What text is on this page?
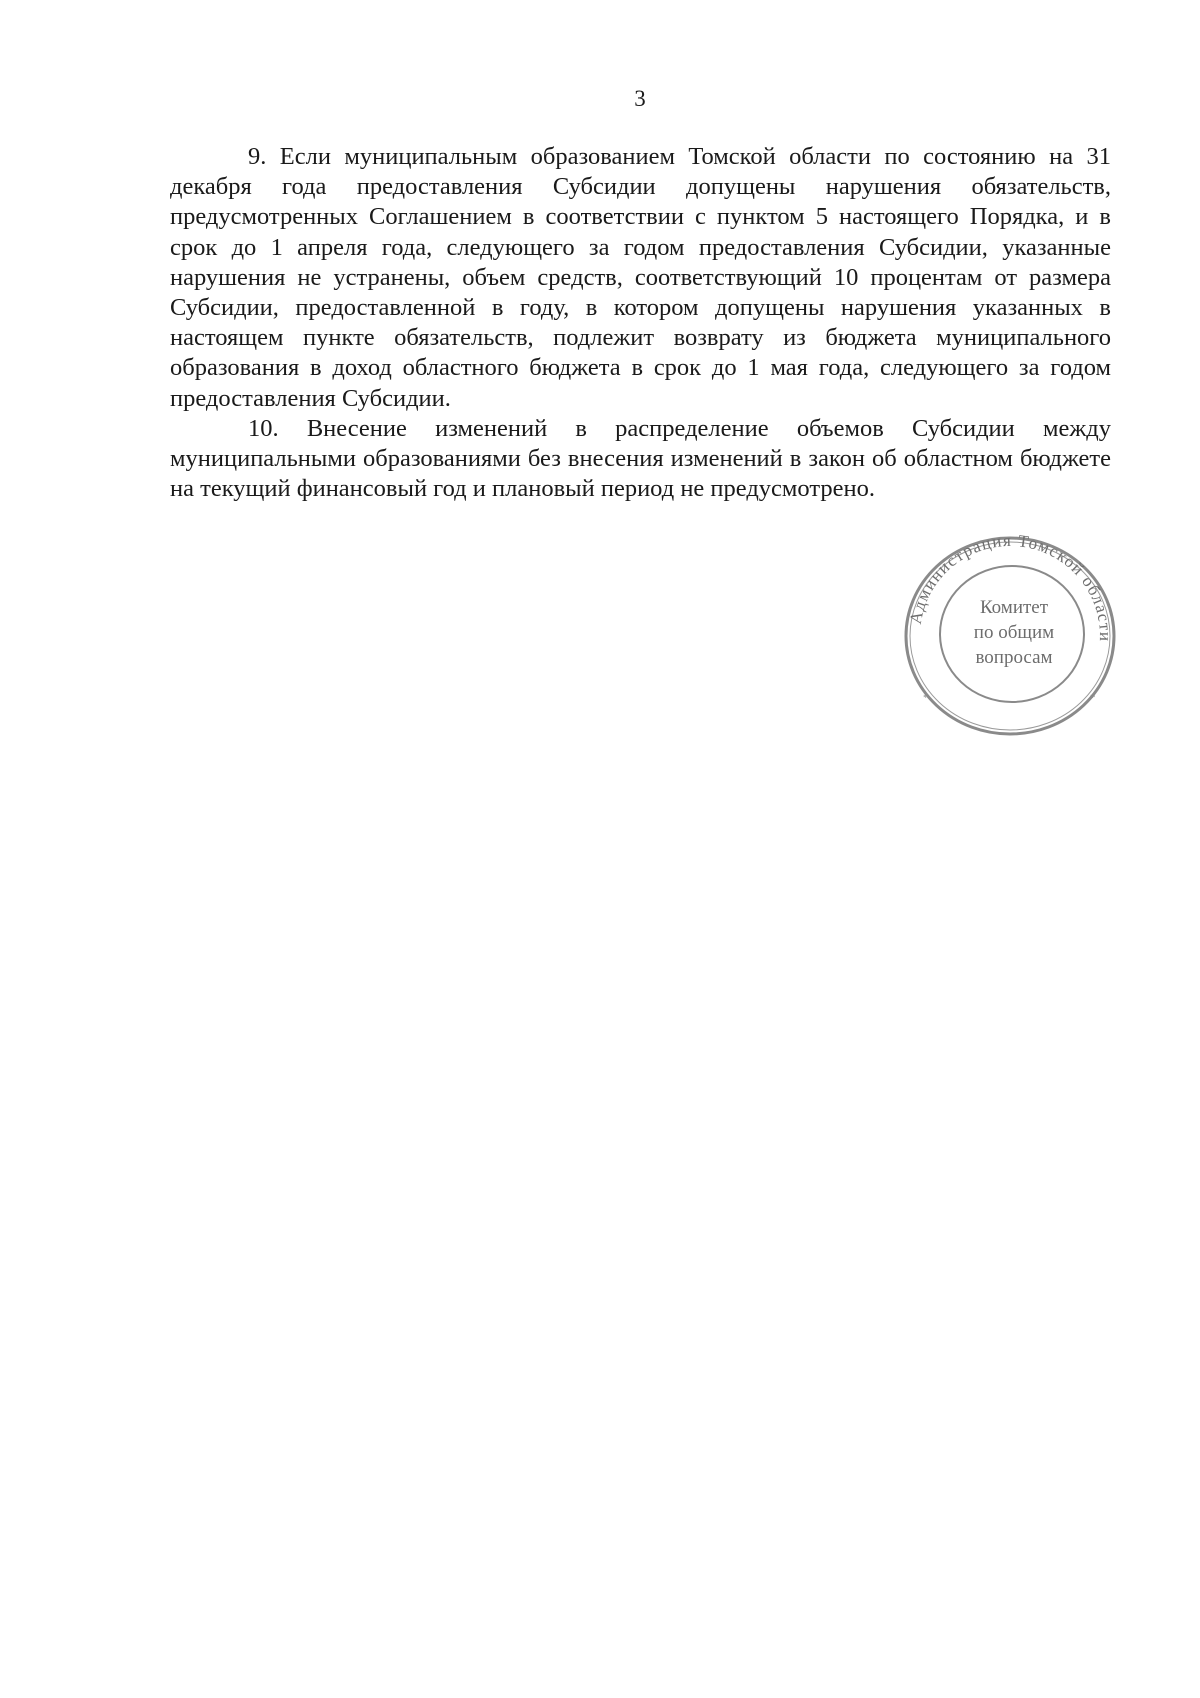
3

9. Если муниципальным образованием Томской области по состоянию на 31 декабря года предоставления Субсидии допущены нарушения обязательств, предусмотренных Соглашением в соответствии с пунктом 5 настоящего Порядка, и в срок до 1 апреля года, следующего за годом предоставления Субсидии, указанные нарушения не устранены, объем средств, соответствующий 10 процентам от размера Субсидии, предоставленной в году, в котором допущены нарушения указанных в настоящем пункте обязательств, подлежит возврату из бюджета муниципального образования в доход областного бюджета в срок до 1 мая года, следующего за годом предоставления Субсидии.

10. Внесение изменений в распределение объемов Субсидии между муниципальными образованиями без внесения изменений в закон об областном бюджете на текущий финансовый год и плановый период не предусмотрено.

Администрация Томской области
Комитет
по общим
вопросам
*	*
